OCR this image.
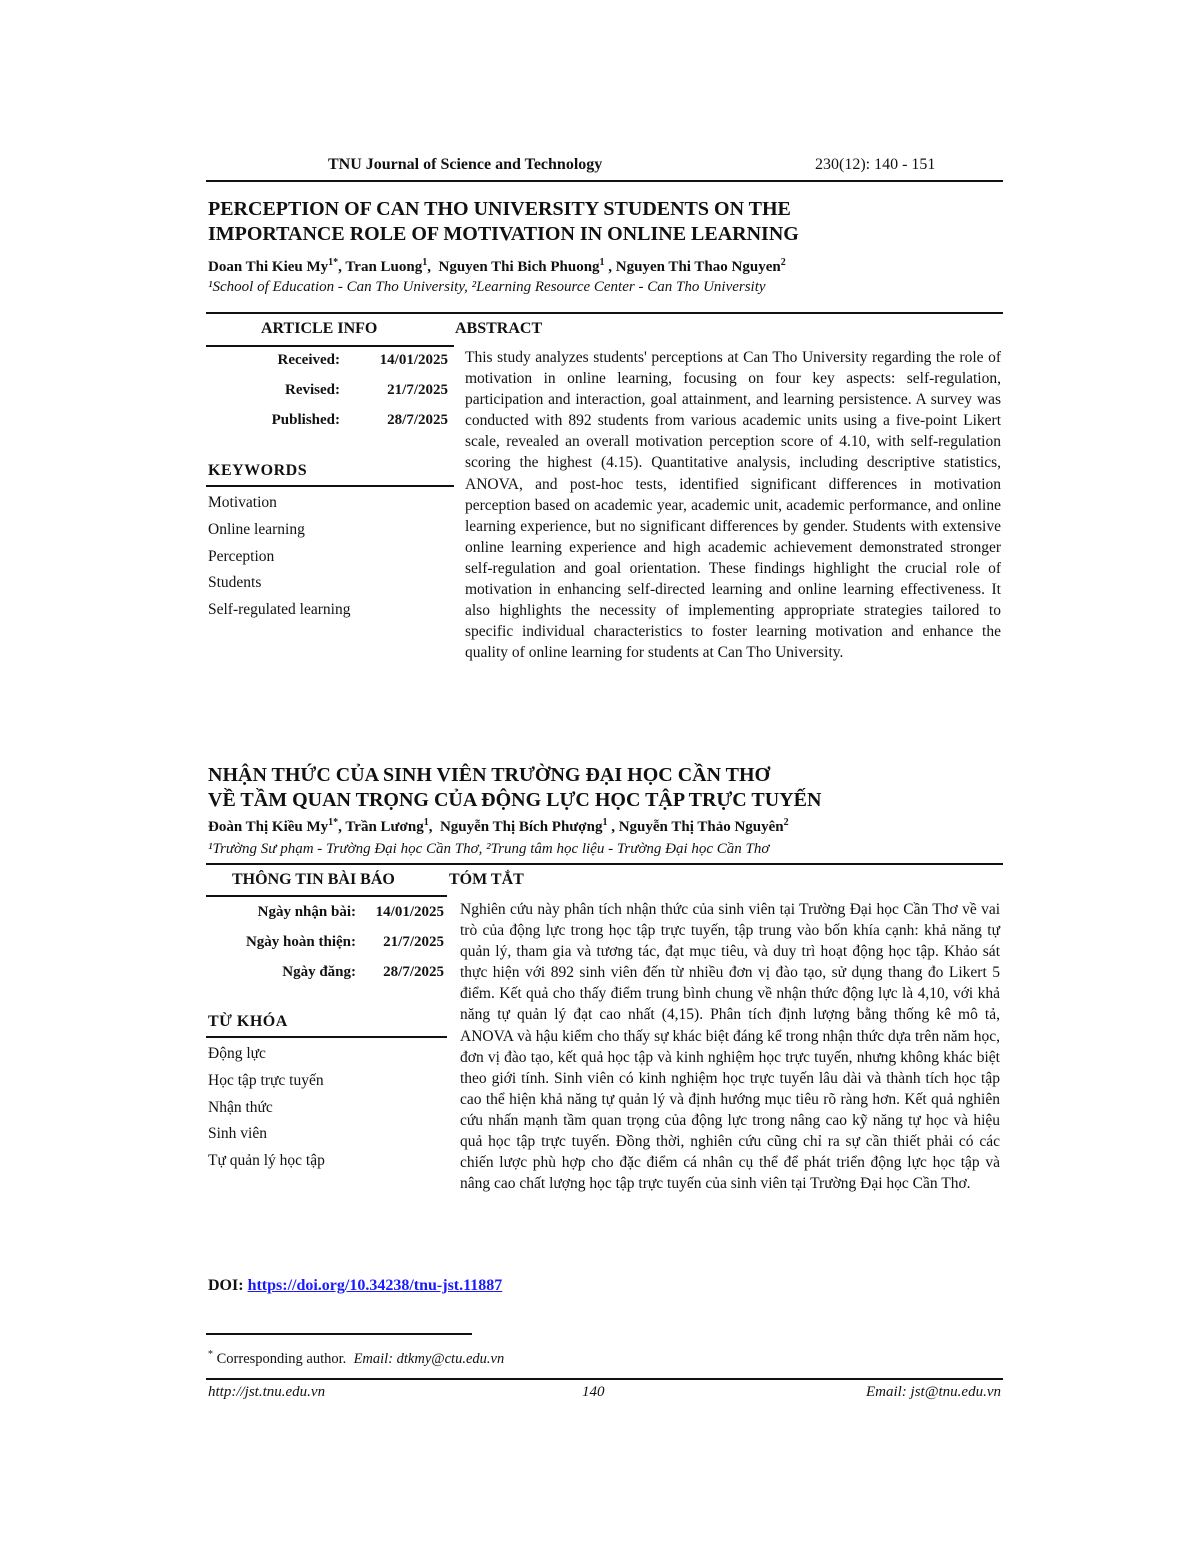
TNU Journal of Science and Technology	230(12): 140 - 151
PERCEPTION OF CAN THO UNIVERSITY STUDENTS ON THE
IMPORTANCE ROLE OF MOTIVATION IN ONLINE LEARNING
Doan Thi Kieu $My^{1*}$, Tran Luong$^1$,  Nguyen Thi Bich Phuong$^1$ , Nguyen Thi Thao Nguyen$^2$
¹School of Education - Can Tho University, ²Learning Resource Center - Can Tho University
ARTICLE INFO	ABSTRACT
Received:	14/01/2025
Revised:	21/7/2025
Published:	28/7/2025
KEYWORDS
Motivation
Online learning
Perception
Students
Self-regulated learning
This study analyzes students' perceptions at Can Tho University regarding the role of motivation in online learning, focusing on four key aspects: self-regulation, participation and interaction, goal attainment, and learning persistence. A survey was conducted with 892 students from various academic units using a five-point Likert scale, revealed an overall motivation perception score of 4.10, with self-regulation scoring the highest (4.15). Quantitative analysis, including descriptive statistics, ANOVA, and post-hoc tests, identified significant differences in motivation perception based on academic year, academic unit, academic performance, and online learning experience, but no significant differences by gender. Students with extensive online learning experience and high academic achievement demonstrated stronger self-regulation and goal orientation. These findings highlight the crucial role of motivation in enhancing self-directed learning and online learning effectiveness. It also highlights the necessity of implementing appropriate strategies tailored to specific individual characteristics to foster learning motivation and enhance the quality of online learning for students at Can Tho University.
NHẬN THỨC CỦA SINH VIÊN TRƯỜNG ĐẠI HỌC CẦN THƠ
VỀ TẦM QUAN TRỌNG CỦA ĐỘNG LỰC HỌC TẬP TRỰC TUYẾN
Đoàn Thị Kiều $My^{1*}$, Trần Lương$^1$,  Nguyễn Thị Bích Phượng$^1$ , Nguyễn Thị Thảo Nguyên$^2$
¹Trường Sư phạm - Trường Đại học Cần Thơ, ²Trung tâm học liệu - Trường Đại học Cần Thơ
THÔNG TIN BÀI BÁO	TÓM TẮT
Ngày nhận bài: 14/01/2025
Ngày hoàn thiện: 21/7/2025
Ngày đăng: 28/7/2025
TỪ KHÓA
Động lực
Học tập trực tuyến
Nhận thức
Sinh viên
Tự quản lý học tập
Nghiên cứu này phân tích nhận thức của sinh viên tại Trường Đại học Cần Thơ về vai trò của động lực trong học tập trực tuyến, tập trung vào bốn khía cạnh: khả năng tự quản lý, tham gia và tương tác, đạt mục tiêu, và duy trì hoạt động học tập. Khảo sát thực hiện với 892 sinh viên đến từ nhiều đơn vị đào tạo, sử dụng thang đo Likert 5 điểm. Kết quả cho thấy điểm trung bình chung về nhận thức động lực là 4,10, với khả năng tự quản lý đạt cao nhất (4,15). Phân tích định lượng bằng thống kê mô tả, ANOVA và hậu kiểm cho thấy sự khác biệt đáng kể trong nhận thức dựa trên năm học, đơn vị đào tạo, kết quả học tập và kinh nghiệm học trực tuyến, nhưng không khác biệt theo giới tính. Sinh viên có kinh nghiệm học trực tuyến lâu dài và thành tích học tập cao thể hiện khả năng tự quản lý và định hướng mục tiêu rõ ràng hơn. Kết quả nghiên cứu nhấn mạnh tầm quan trọng của động lực trong nâng cao kỹ năng tự học và hiệu quả học tập trực tuyến. Đồng thời, nghiên cứu cũng chỉ ra sự cần thiết phải có các chiến lược phù hợp cho đặc điểm cá nhân cụ thể để phát triển động lực học tập và nâng cao chất lượng học tập trực tuyến của sinh viên tại Trường Đại học Cần Thơ.
DOI: https://doi.org/10.34238/tnu-jst.11887
* Corresponding author. Email: dtkmy@ctu.edu.vn
http://jst.tnu.edu.vn	140	Email: jst@tnu.edu.vn
